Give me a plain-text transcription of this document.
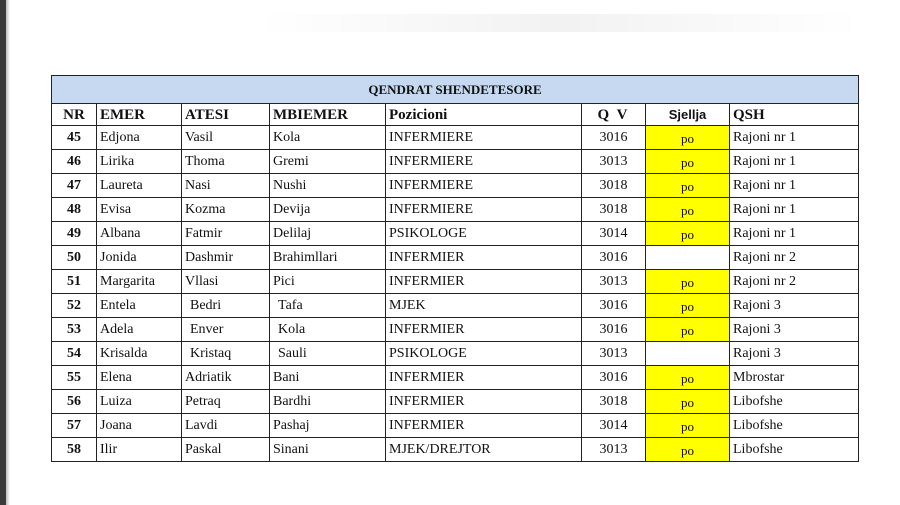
QENDRAT SHENDETESORE							
NR	EMER	ATESI	MBIEMER	Pozicioni	Q V	Sjellja	QSH
45	Edjona	Vasil	Kola	INFERMIERE	3016	po	Rajoni nr 1
46	Lirika	Thoma	Gremi	INFERMIERE	3013	po	Rajoni nr 1
47	Laureta	Nasi	Nushi	INFERMIERE	3018	po	Rajoni nr 1
48	Evisa	Kozma	Devija	INFERMIERE	3018	po	Rajoni nr 1
49	Albana	Fatmir	Delilaj	PSIKOLOGE	3014	po	Rajoni nr 1
50	Jonida	Dashmir	Brahimllari	INFERMIER	3016		Rajoni nr 2
51	Margarita	Vllasi	Pici	INFERMIER	3013	po	Rajoni nr 2
52	Entela	Bedri	Tafa	MJEK	3016	po	Rajoni 3
53	Adela	Enver	Kola	INFERMIER	3016	po	Rajoni 3
54	Krisalda	Kristaq	Sauli	PSIKOLOGE	3013		Rajoni 3
55	Elena	Adriatik	Bani	INFERMIER	3016	po	Mbrostar
56	Luiza	Petraq	Bardhi	INFERMIER	3018	po	Libofshe
57	Joana	Lavdi	Pashaj	INFERMIER	3014	po	Libofshe
58	Ilir	Paskal	Sinani	MJEK/DREJTOR	3013	po	Libofshe
